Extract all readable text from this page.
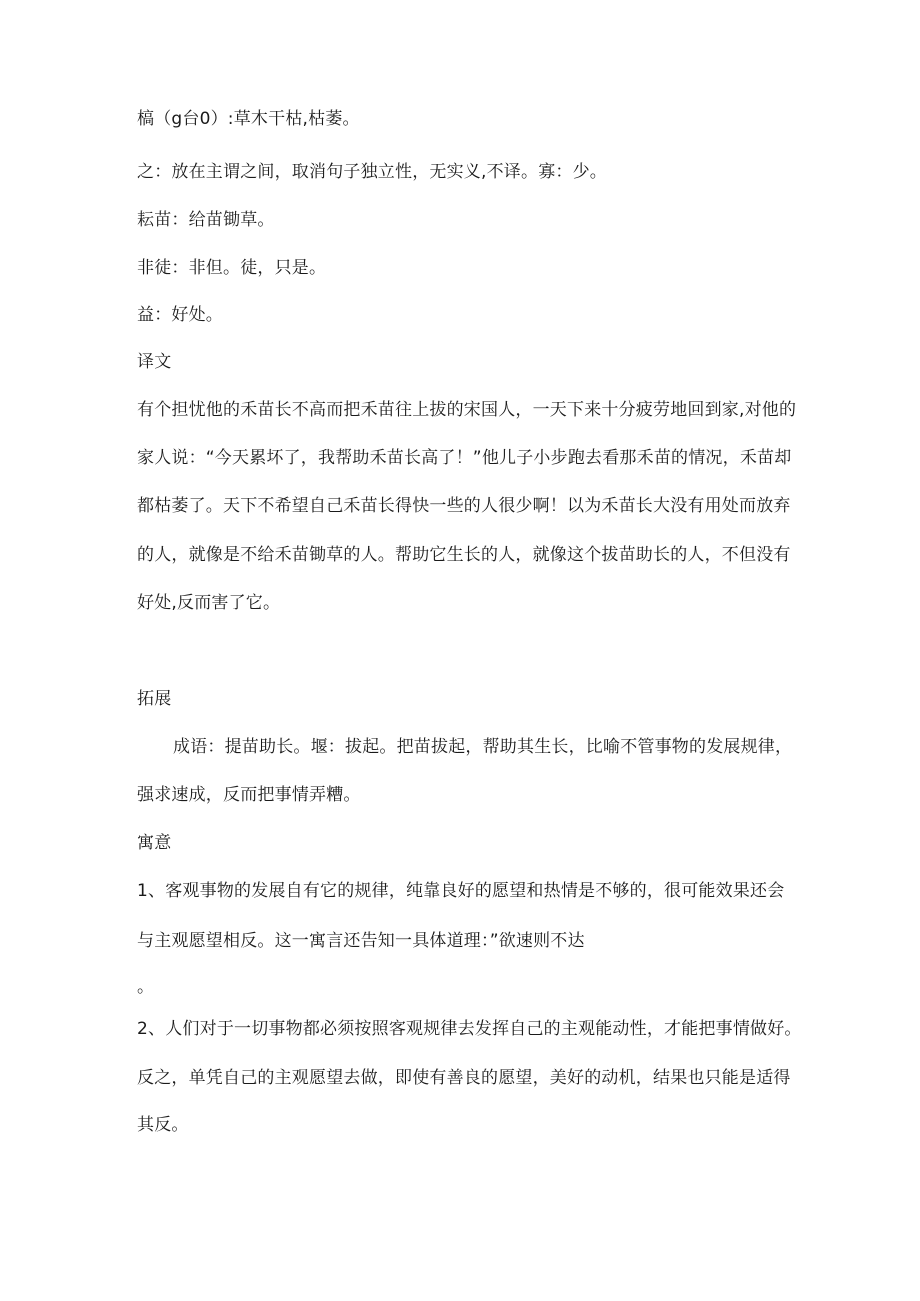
槁（g台0）:草木干枯,枯萎。
之：放在主谓之间，取消句子独立性，无实义,不译。寡：少。
耘苗：给苗锄草。
非徒：非但。徒，只是。
益：好处。
译文
有个担忧他的禾苗长不高而把禾苗往上拔的宋国人，一天下来十分疲劳地回到家,对他的
家人说：“今天累坏了，我帮助禾苗长高了！”他儿子小步跑去看那禾苗的情况，禾苗却
都枯萎了。天下不希望自己禾苗长得快一些的人很少啊！以为禾苗长大没有用处而放弃
的人，就像是不给禾苗锄草的人。帮助它生长的人，就像这个拔苗助长的人，不但没有
好处,反而害了它。
拓展
成语：提苗助长。堰：拔起。把苗拔起，帮助其生长，比喻不管事物的发展规律，
强求速成，反而把事情弄糟。
寓意
1、客观事物的发展自有它的规律，纯靠良好的愿望和热情是不够的，很可能效果还会
与主观愿望相反。这一寓言还告知一具体道理：”欲速则不达
。
2、人们对于一切事物都必须按照客观规律去发挥自己的主观能动性，才能把事情做好。
反之，单凭自己的主观愿望去做，即使有善良的愿望，美好的动机，结果也只能是适得
其反。
